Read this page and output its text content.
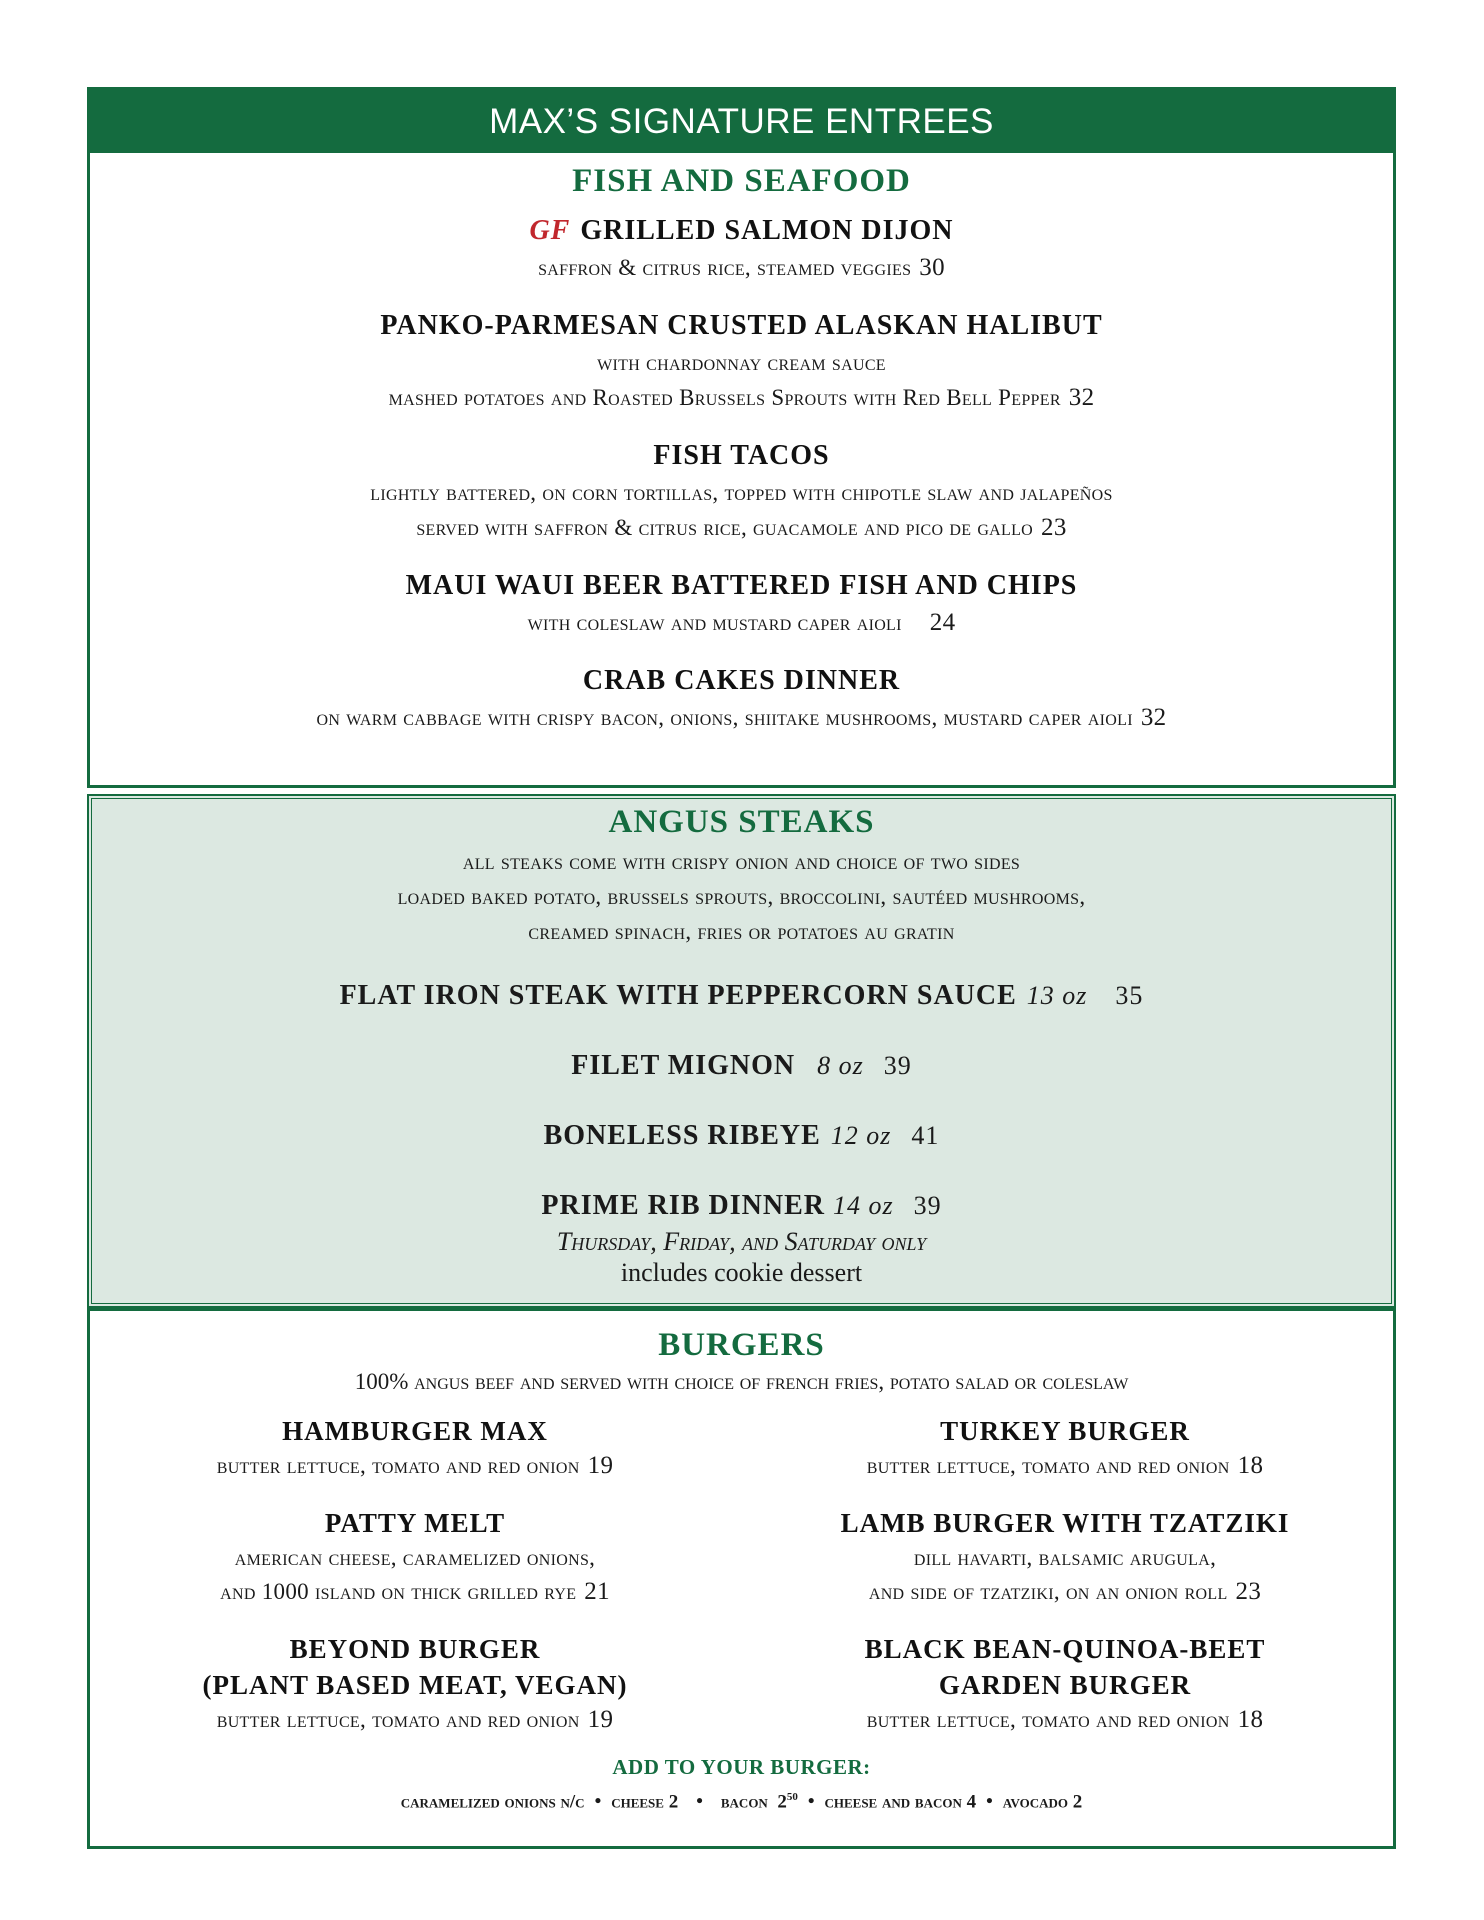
MAX’S SIGNATURE ENTREES
FISH AND SEAFOOD
GF GRILLED SALMON DIJON
saffron & citrus rice, steamed veggies 30
PANKO-PARMESAN CRUSTED ALASKAN HALIBUT
with chardonnay cream sauce
mashed potatoes and Roasted Brussels Sprouts with Red Bell Pepper 32
FISH TACOS
lightly battered, on corn tortillas, topped with chipotle slaw and jalapeños
served with saffron & citrus rice, guacamole and pico de gallo 23
MAUI WAUI BEER BATTERED FISH AND CHIPS
with coleslaw and mustard caper aioli 24
CRAB CAKES DINNER
on warm cabbage with crispy bacon, onions, shiitake mushrooms, mustard caper aioli 32
ANGUS STEAKS
all steaks come with crispy onion and choice of two sides
loaded baked potato, brussels sprouts, broccolini, sautéed mushrooms,
creamed spinach, fries or potatoes au gratin
FLAT IRON STEAK WITH PEPPERCORN SAUCE 13 oz 35
FILET MIGNON 8 oz 39
BONELESS RIBEYE 12 oz 41
PRIME RIB DINNER 14 oz 39
Thursday, Friday, and Saturday only
includes cookie dessert
BURGERS
100% angus beef and served with choice of french fries, potato salad or coleslaw
HAMBURGER MAX
butter lettuce, tomato and red onion 19
TURKEY BURGER
butter lettuce, tomato and red onion 18
PATTY MELT
american cheese, caramelized onions,
and 1000 island on thick grilled rye 21
LAMB BURGER WITH TZATZIKI
dill havarti, balsamic arugula,
and side of tzatziki, on an onion roll 23
BEYOND BURGER
(PLANT BASED MEAT, VEGAN)
butter lettuce, tomato and red onion 19
BLACK BEAN-QUINOA-BEET
GARDEN BURGER
butter lettuce, tomato and red onion 18
ADD TO YOUR BURGER:
caramelized onions n/c • cheese 2 • bacon $2^{50}$ • cheese and bacon 4 • avocado 2
